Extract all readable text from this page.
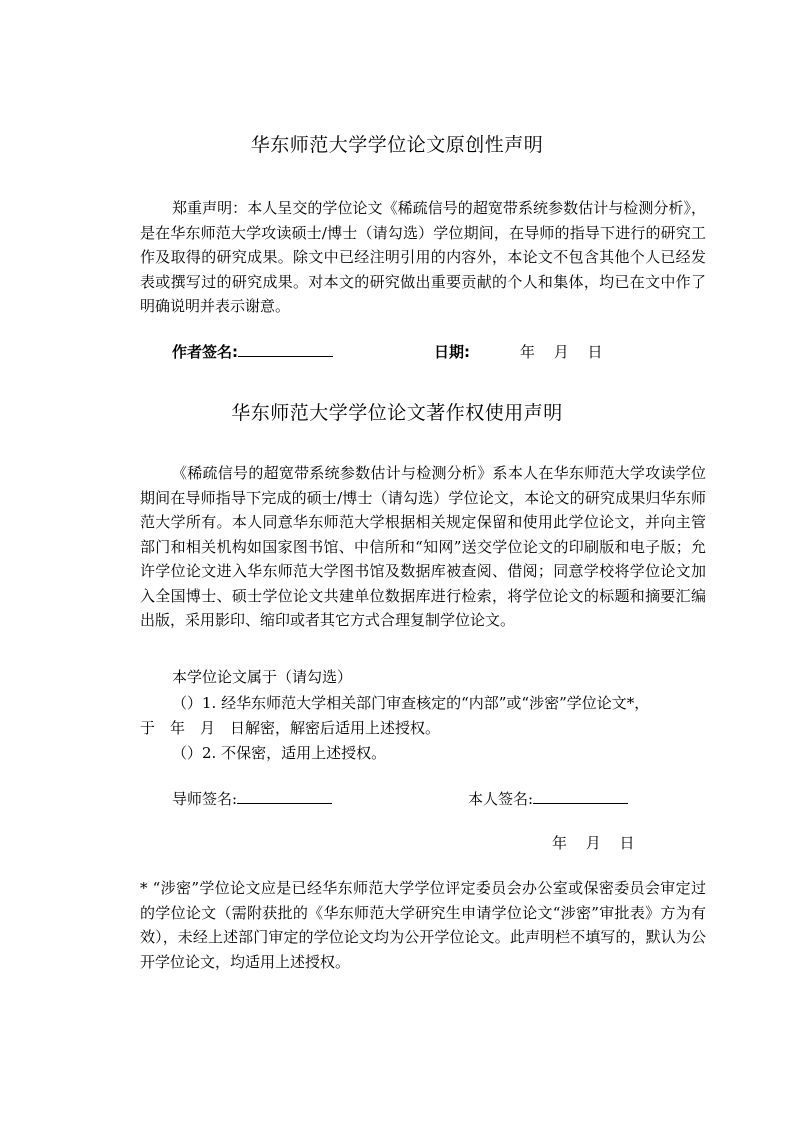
华东师范大学学位论文原创性声明

郑重声明：本人呈交的学位论文《稀疏信号的超宽带系统参数估计与检测分析》，是在华东师范大学攻读硕士/博士（请勾选）学位期间，在导师的指导下进行的研究工作及取得的研究成果。除文中已经注明引用的内容外，本论文不包含其他个人已经发表或撰写过的研究成果。对本文的研究做出重要贡献的个人和集体，均已在文中作了明确说明并表示谢意。

作者签名:	日期:	年 月 日
华东师范大学学位论文著作权使用声明

《稀疏信号的超宽带系统参数估计与检测分析》系本人在华东师范大学攻读学位期间在导师指导下完成的硕士/博士（请勾选）学位论文，本论文的研究成果归华东师范大学所有。本人同意华东师范大学根据相关规定保留和使用此学位论文，并向主管部门和相关机构如国家图书馆、中信所和“知网”送交学位论文的印刷版和电子版；允许学位论文进入华东师范大学图书馆及数据库被查阅、借阅；同意学校将学位论文加入全国博士、硕士学位论文共建单位数据库进行检索，将学位论文的标题和摘要汇编出版，采用影印、缩印或者其它方式合理复制学位论文。

本学位论文属于（请勾选）
（）1. 经华东师范大学相关部门审查核定的“内部”或“涉密”学位论文*，
于　年　月　日解密，解密后适用上述授权。
（）2. 不保密，适用上述授权。
导师签名:	本人签名:
年 月 日

* “涉密”学位论文应是已经华东师范大学学位评定委员会办公室或保密委员会审定过的学位论文（需附获批的《华东师范大学研究生申请学位论文“涉密”审批表》方为有效），未经上述部门审定的学位论文均为公开学位论文。此声明栏不填写的，默认为公开学位论文，均适用上述授权。
